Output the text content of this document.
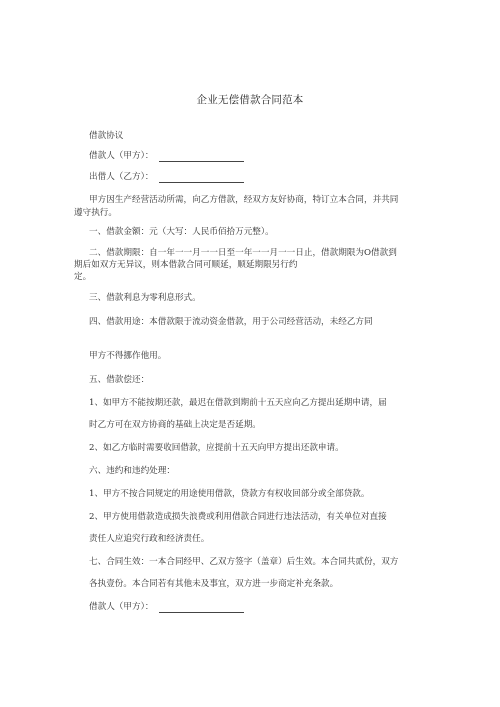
企业无偿借款合同范本
借款协议
借款人（甲方）：
出借人（乙方）：
甲方因生产经营活动所需，向乙方借款，经双方友好协商，特订立本合同，并共同
遵守执行。
一、借款金额：元（大写：人民币佰拾万元整）。
二、借款期限：自一年一一月一一日至一年一一月一一日止，借款期限为O借款到
期后如双方无异议，则本借款合同可顺延，顺延期限另行约
定。
三、借款利息为零利息形式。
四、借款用途：本借款限于流动资金借款，用于公司经营活动，未经乙方同
甲方不得挪作他用。
五、借款偿还：
1、如甲方不能按期还款，最迟在借款到期前十五天应向乙方提出延期申请，届
时乙方可在双方协商的基础上决定是否延期。
2、如乙方临时需要收回借款，应提前十五天向甲方提出还款申请。
六、违约和违约处理：
1、甲方不按合同规定的用途使用借款，贷款方有权收回部分或全部贷款。
2、甲方使用借款造成损失浪费或利用借款合同进行违法活动，有关单位对直接
责任人应追究行政和经济责任。
七、合同生效：一本合同经甲、乙双方签字（盖章）后生效。本合同共贰份，双方
各执壹份。本合同若有其他未及事宜，双方进一步商定补充条款。
借款人（甲方）：
